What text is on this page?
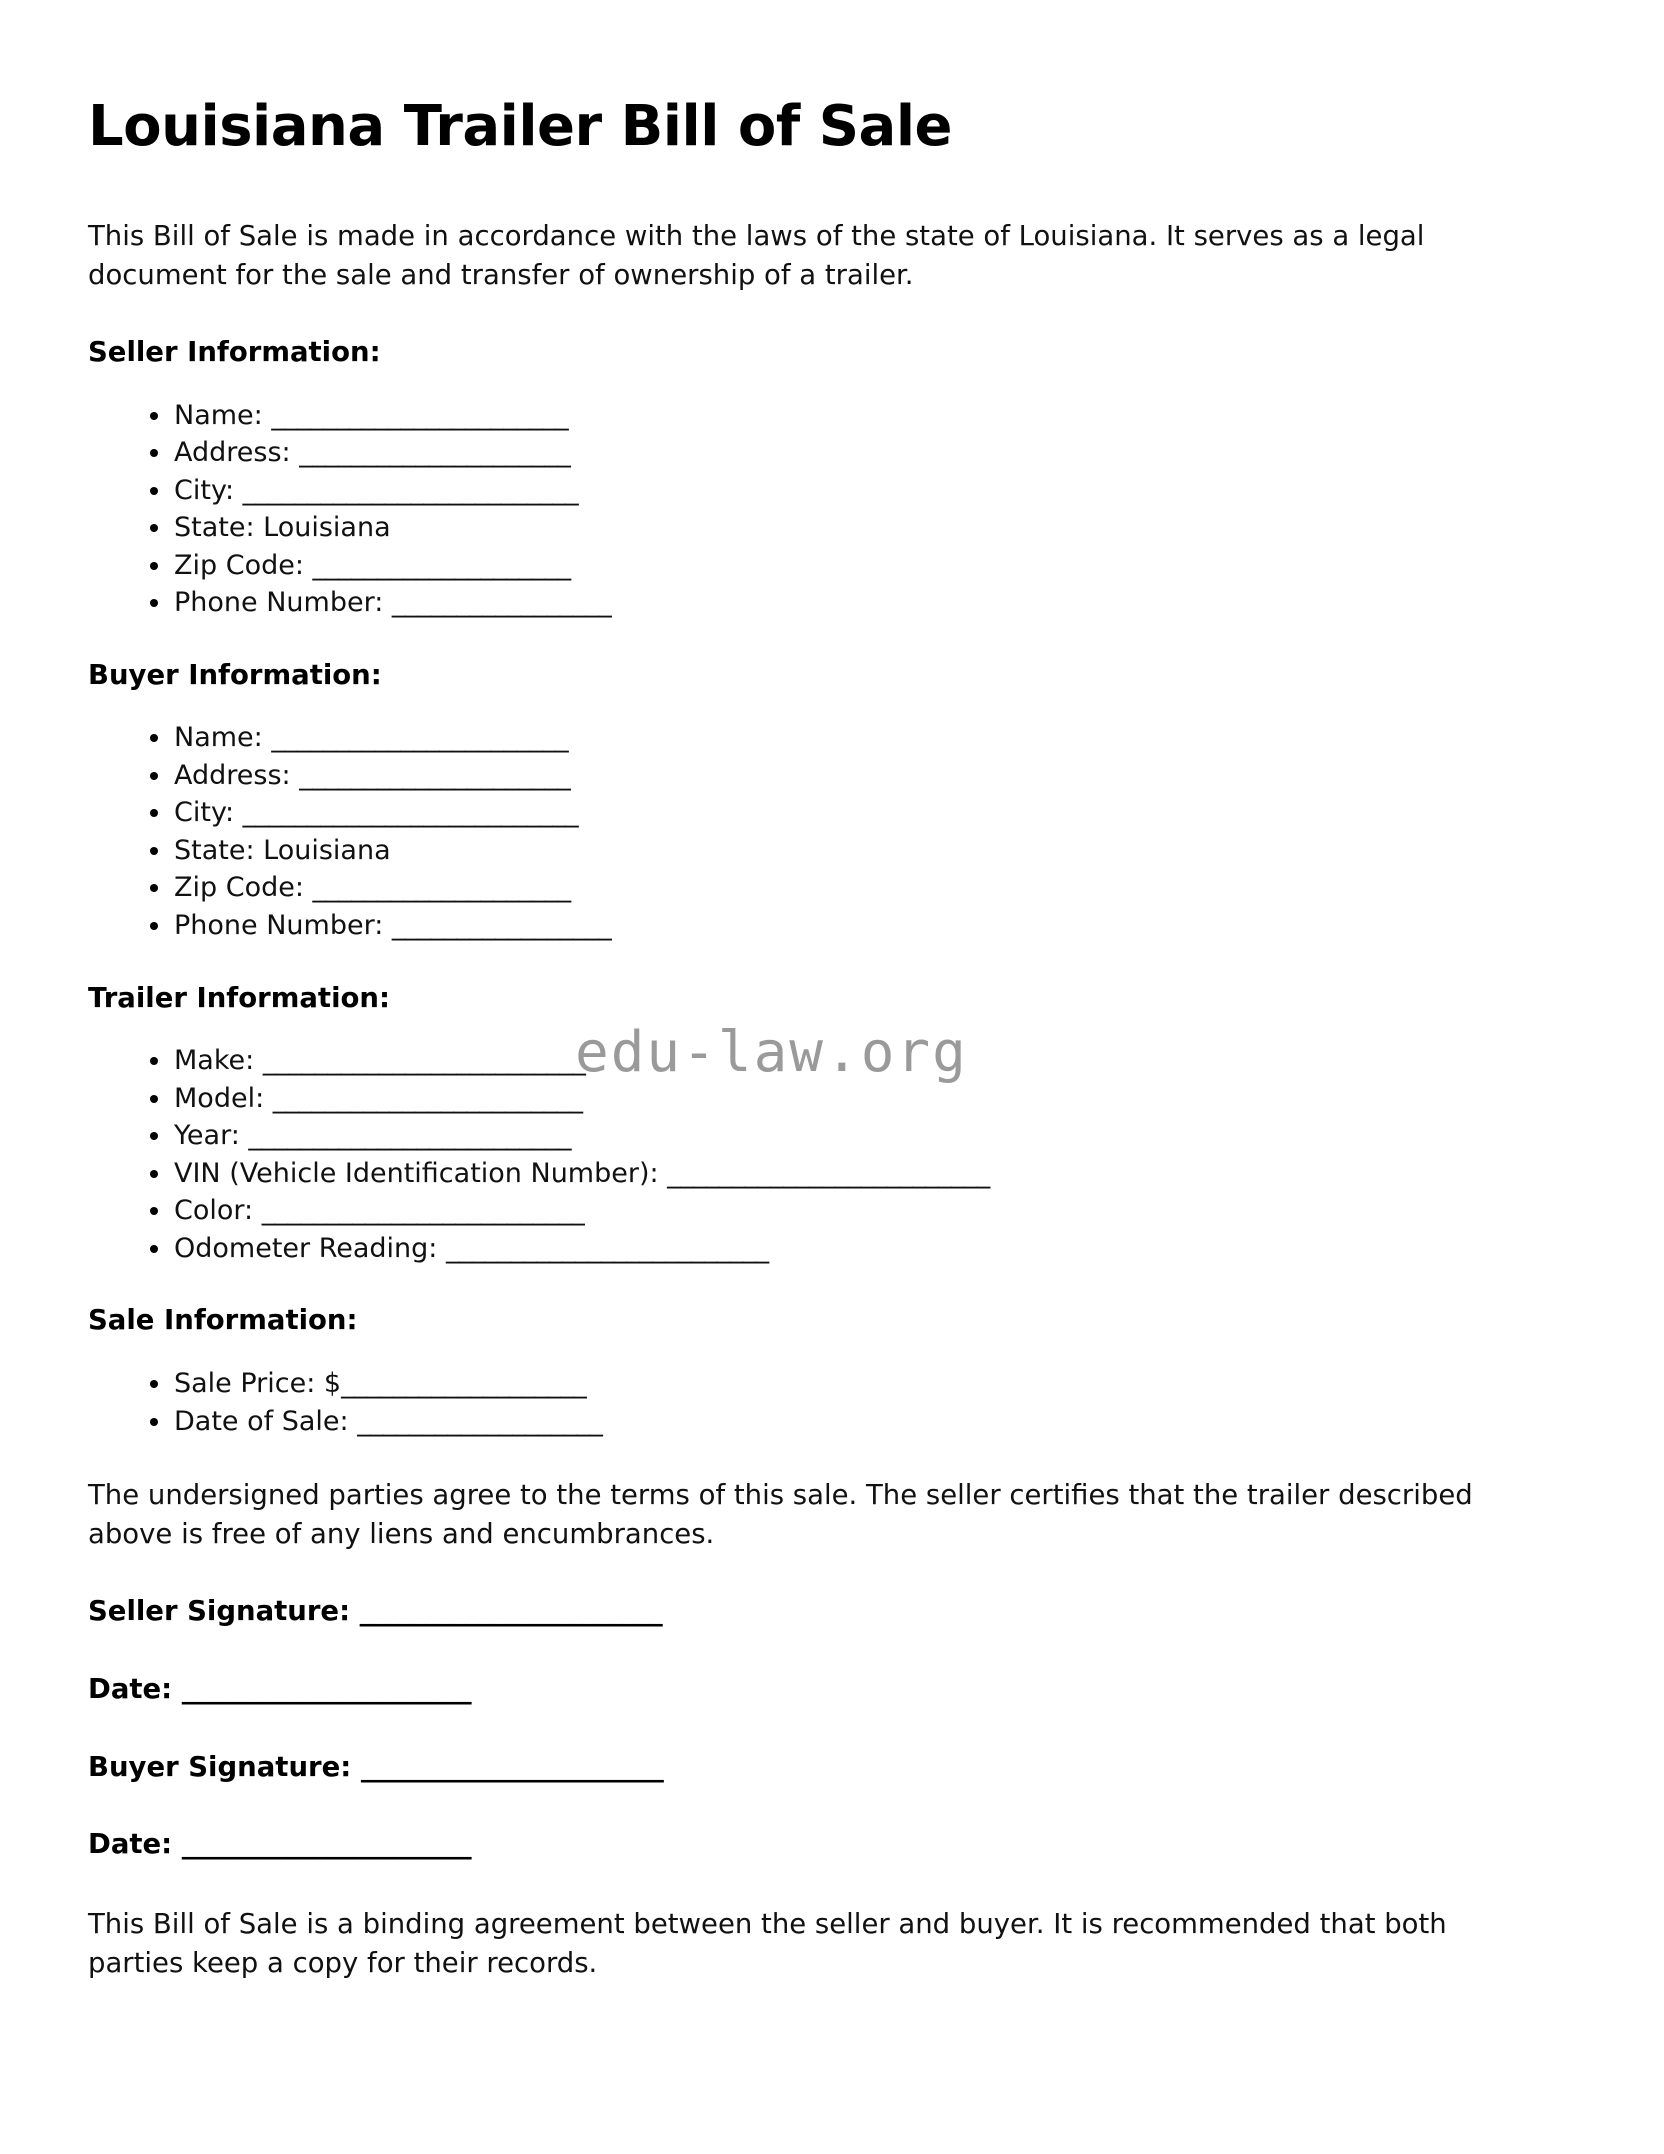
edu-law.org
Louisiana Trailer Bill of Sale

This Bill of Sale is made in accordance with the laws of the state of Louisiana. It serves as a legal document for the sale and transfer of ownership of a trailer.

Seller Information:
Name: _______________________
Address: _____________________
City: __________________________
State: Louisiana
Zip Code: ____________________
Phone Number: _________________
Buyer Information:
Name: _______________________
Address: _____________________
City: __________________________
State: Louisiana
Zip Code: ____________________
Phone Number: _________________
Trailer Information:
Make: _________________________
Model: ________________________
Year: _________________________
VIN (Vehicle Identification Number): _________________________
Color: _________________________
Odometer Reading: _________________________
Sale Information:
Sale Price: $___________________
Date of Sale: ___________________

The undersigned parties agree to the terms of this sale. The seller certifies that the trailer described above is free of any liens and encumbrances.

Seller Signature: _______________________
Date: ______________________
Buyer Signature: _______________________
Date: ______________________

This Bill of Sale is a binding agreement between the seller and buyer. It is recommended that both parties keep a copy for their records.
